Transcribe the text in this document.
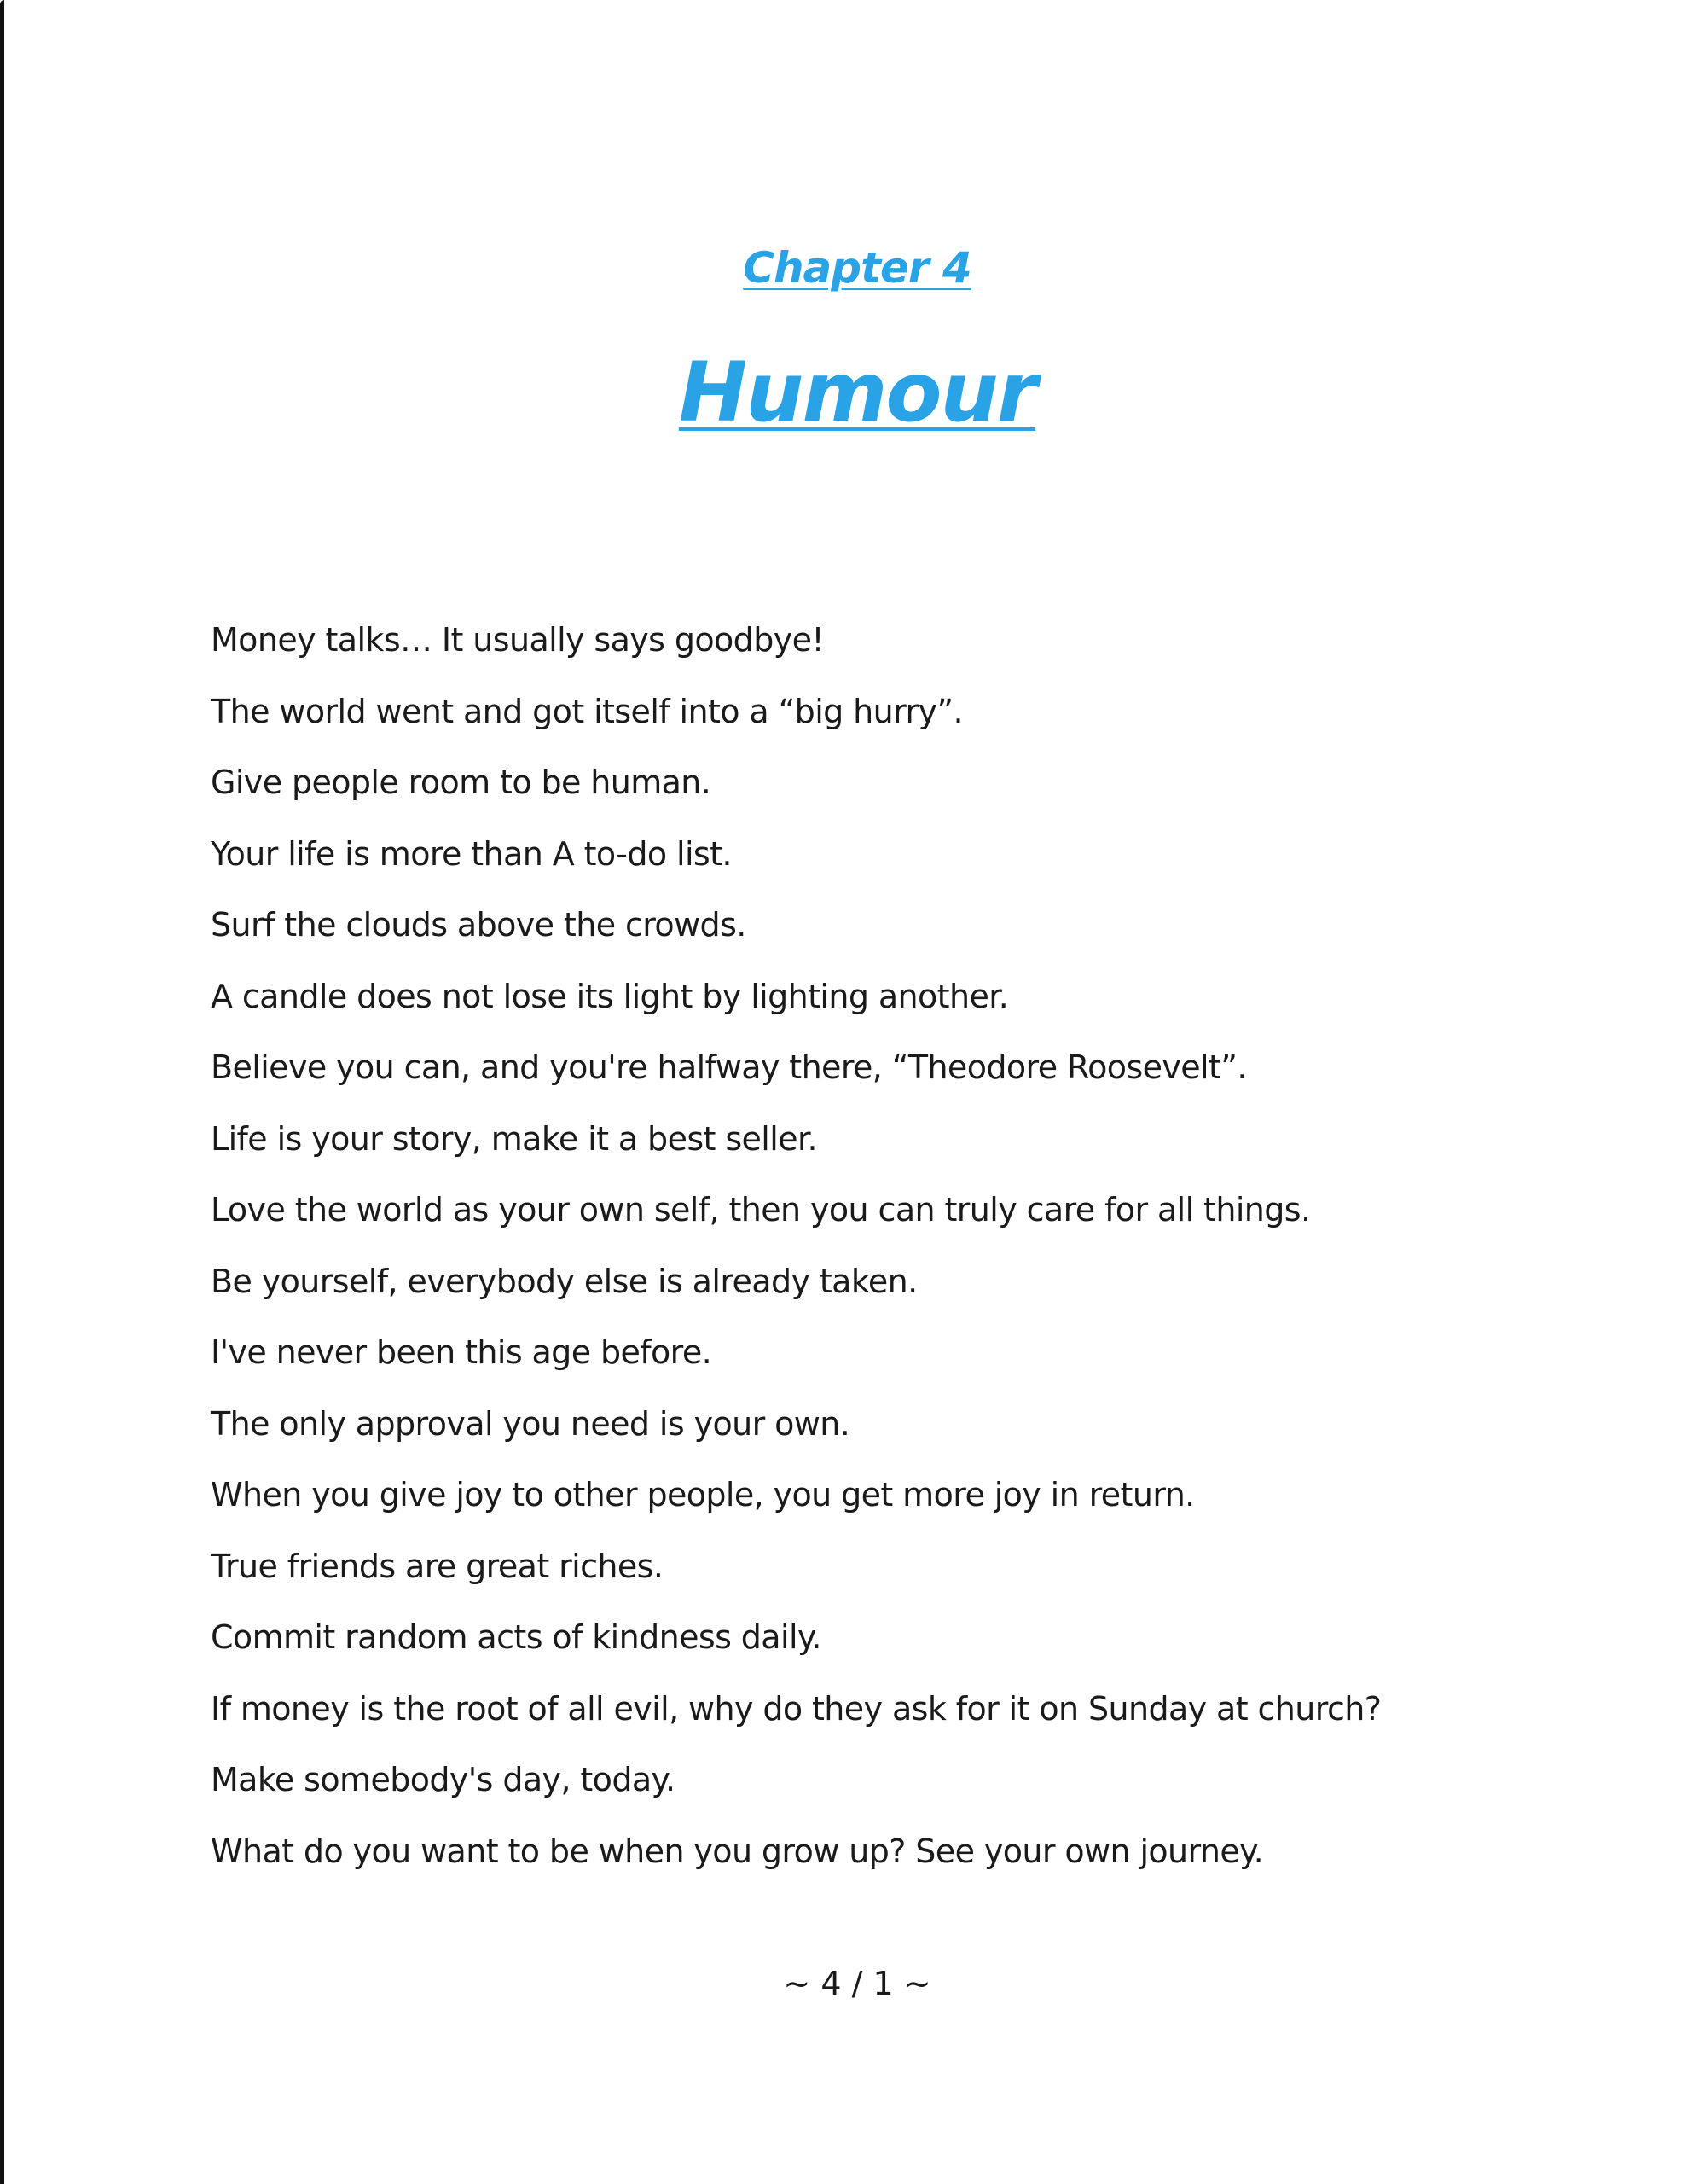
Chapter 4
Humour
Money talks… It usually says goodbye!
The world went and got itself into a “big hurry”.
Give people room to be human.
Your life is more than A to-do list.
Surf the clouds above the crowds.
A candle does not lose its light by lighting another.
Believe you can, and you're halfway there, “Theodore Roosevelt”.
Life is your story, make it a best seller.
Love the world as your own self, then you can truly care for all things.
Be yourself, everybody else is already taken.
I've never been this age before.
The only approval you need is your own.
When you give joy to other people, you get more joy in return.
True friends are great riches.
Commit random acts of kindness daily.
If money is the root of all evil, why do they ask for it on Sunday at church?
Make somebody's day, today.
What do you want to be when you grow up? See your own journey.
~ 4 / 1 ~
